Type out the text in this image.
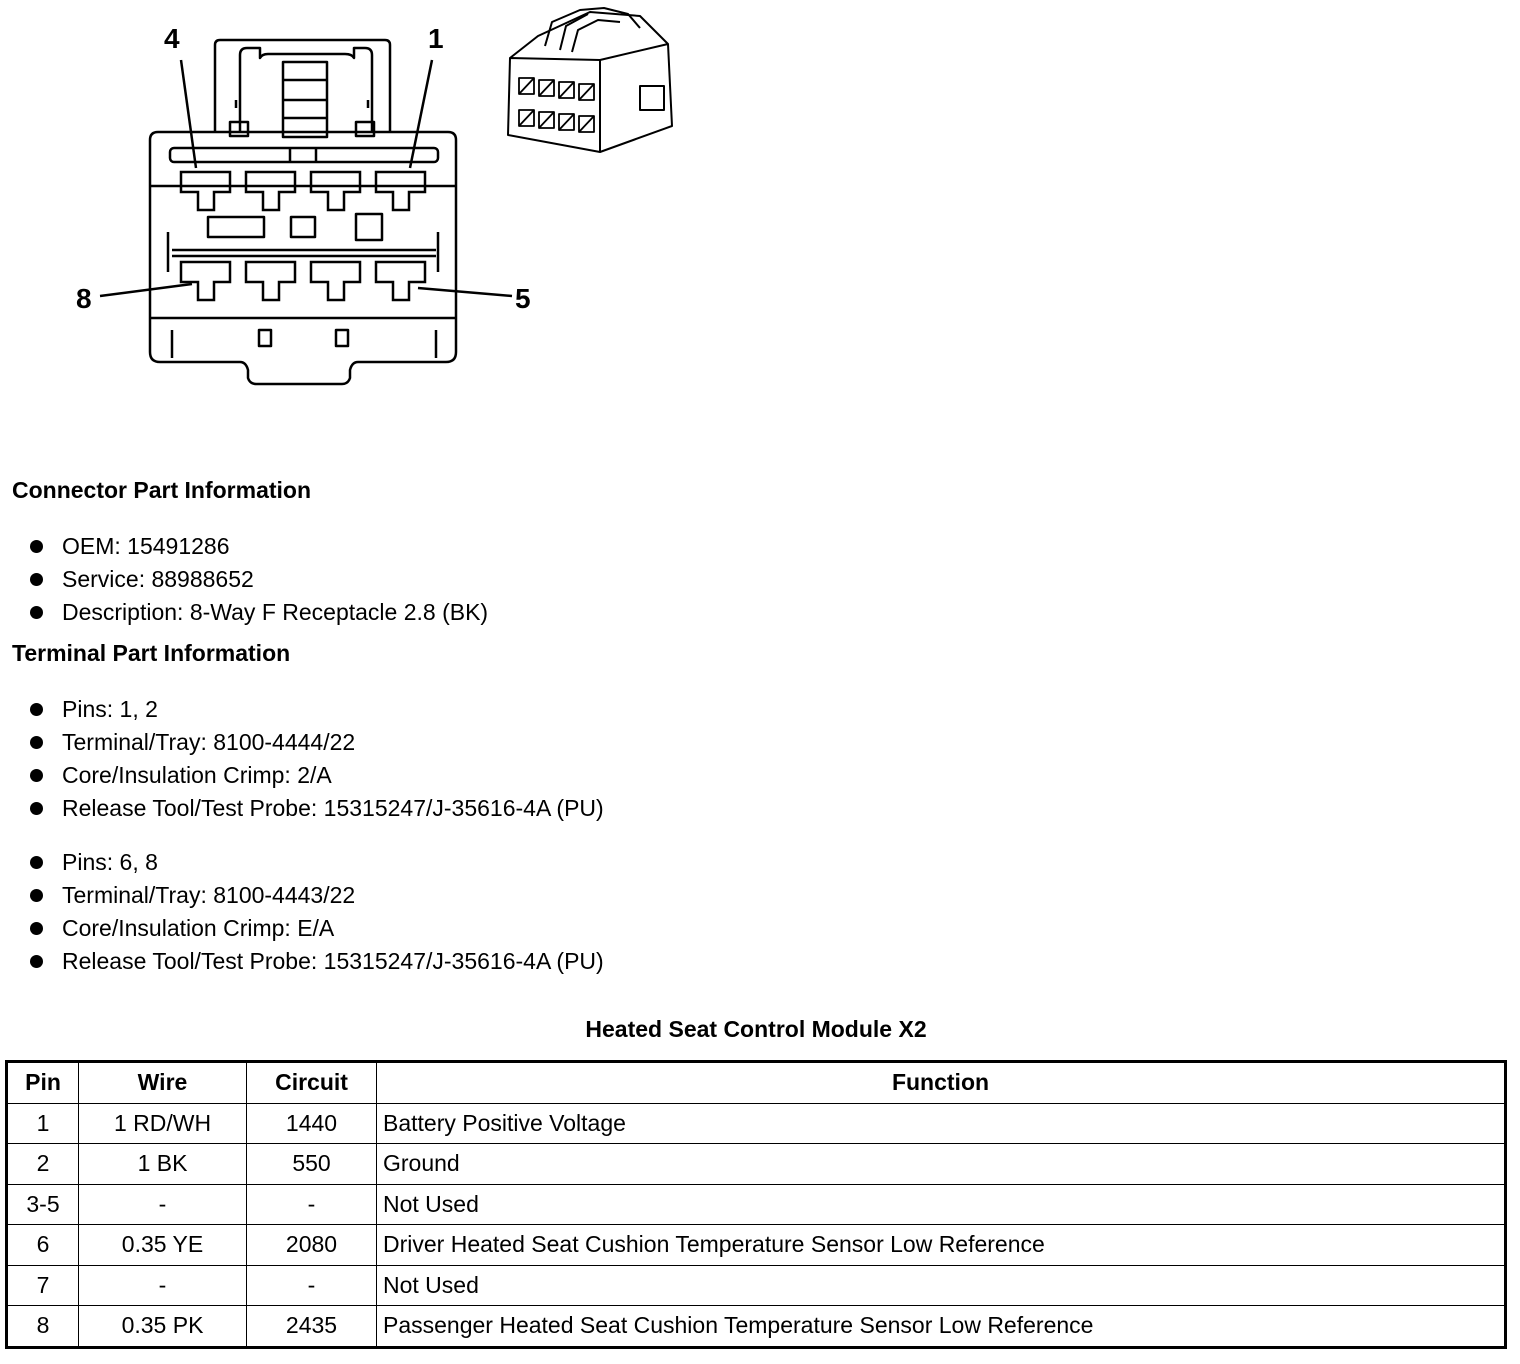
4	1
8	5
Connector Part Information
OEM: 15491286
Service: 88988652
Description: 8-Way F Receptacle 2.8 (BK)
Terminal Part Information
Pins: 1, 2
Terminal/Tray: 8100-4444/22
Core/Insulation Crimp: 2/A
Release Tool/Test Probe: 15315247/J-35616-4A (PU)
Pins: 6, 8
Terminal/Tray: 8100-4443/22
Core/Insulation Crimp: E/A
Release Tool/Test Probe: 15315247/J-35616-4A (PU)
Heated Seat Control Module X2
Pin	Wire	Circuit	Function
1	1 RD/WH	1440	Battery Positive Voltage
2	1 BK	550	Ground
3-5	-	-	Not Used
6	0.35 YE	2080	Driver Heated Seat Cushion Temperature Sensor Low Reference
7	-	-	Not Used
8	0.35 PK	2435	Passenger Heated Seat Cushion Temperature Sensor Low Reference
